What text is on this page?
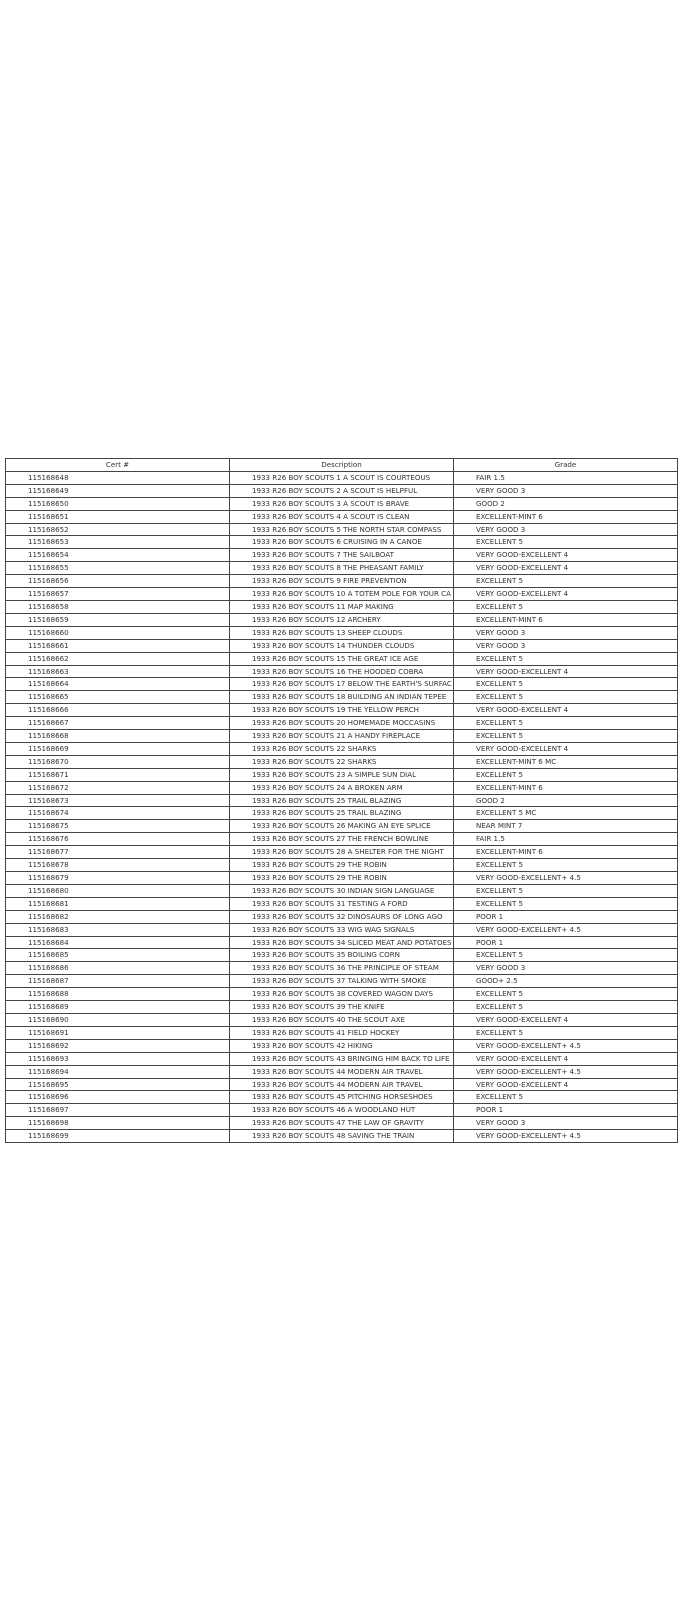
Cert #	Description	Grade
115168648	1933 R26 BOY SCOUTS 1 A SCOUT IS COURTEOUS	FAIR 1.5
115168649	1933 R26 BOY SCOUTS 2 A SCOUT IS HELPFUL	VERY GOOD 3
115168650	1933 R26 BOY SCOUTS 3 A SCOUT IS BRAVE	GOOD 2
115168651	1933 R26 BOY SCOUTS 4 A SCOUT IS CLEAN	EXCELLENT-MINT 6
115168652	1933 R26 BOY SCOUTS 5 THE NORTH STAR COMPASS	VERY GOOD 3
115168653	1933 R26 BOY SCOUTS 6 CRUISING IN A CANOE	EXCELLENT 5
115168654	1933 R26 BOY SCOUTS 7 THE SAILBOAT	VERY GOOD-EXCELLENT 4
115168655	1933 R26 BOY SCOUTS 8 THE PHEASANT FAMILY	VERY GOOD-EXCELLENT 4
115168656	1933 R26 BOY SCOUTS 9 FIRE PREVENTION	EXCELLENT 5
115168657	1933 R26 BOY SCOUTS 10 A TOTEM POLE FOR YOUR CA	VERY GOOD-EXCELLENT 4
115168658	1933 R26 BOY SCOUTS 11 MAP MAKING	EXCELLENT 5
115168659	1933 R26 BOY SCOUTS 12 ARCHERY	EXCELLENT-MINT 6
115168660	1933 R26 BOY SCOUTS 13 SHEEP CLOUDS	VERY GOOD 3
115168661	1933 R26 BOY SCOUTS 14 THUNDER CLOUDS	VERY GOOD 3
115168662	1933 R26 BOY SCOUTS 15 THE GREAT ICE AGE	EXCELLENT 5
115168663	1933 R26 BOY SCOUTS 16 THE HOODED COBRA	VERY GOOD-EXCELLENT 4
115168664	1933 R26 BOY SCOUTS 17 BELOW THE EARTH'S SURFAC	EXCELLENT 5
115168665	1933 R26 BOY SCOUTS 18 BUILDING AN INDIAN TEPEE	EXCELLENT 5
115168666	1933 R26 BOY SCOUTS 19 THE YELLOW PERCH	VERY GOOD-EXCELLENT 4
115168667	1933 R26 BOY SCOUTS 20 HOMEMADE MOCCASINS	EXCELLENT 5
115168668	1933 R26 BOY SCOUTS 21 A HANDY FIREPLACE	EXCELLENT 5
115168669	1933 R26 BOY SCOUTS 22 SHARKS	VERY GOOD-EXCELLENT 4
115168670	1933 R26 BOY SCOUTS 22 SHARKS	EXCELLENT-MINT 6 MC
115168671	1933 R26 BOY SCOUTS 23 A SIMPLE SUN DIAL	EXCELLENT 5
115168672	1933 R26 BOY SCOUTS 24 A BROKEN ARM	EXCELLENT-MINT 6
115168673	1933 R26 BOY SCOUTS 25 TRAIL BLAZING	GOOD 2
115168674	1933 R26 BOY SCOUTS 25 TRAIL BLAZING	EXCELLENT 5 MC
115168675	1933 R26 BOY SCOUTS 26 MAKING AN EYE SPLICE	NEAR MINT 7
115168676	1933 R26 BOY SCOUTS 27 THE FRENCH BOWLINE	FAIR 1.5
115168677	1933 R26 BOY SCOUTS 28 A SHELTER FOR THE NIGHT	EXCELLENT-MINT 6
115168678	1933 R26 BOY SCOUTS 29 THE ROBIN	EXCELLENT 5
115168679	1933 R26 BOY SCOUTS 29 THE ROBIN	VERY GOOD-EXCELLENT+ 4.5
115168680	1933 R26 BOY SCOUTS 30 INDIAN SIGN LANGUAGE	EXCELLENT 5
115168681	1933 R26 BOY SCOUTS 31 TESTING A FORD	EXCELLENT 5
115168682	1933 R26 BOY SCOUTS 32 DINOSAURS OF LONG AGO	POOR 1
115168683	1933 R26 BOY SCOUTS 33 WIG WAG SIGNALS	VERY GOOD-EXCELLENT+ 4.5
115168684	1933 R26 BOY SCOUTS 34 SLICED MEAT AND POTATOES	POOR 1
115168685	1933 R26 BOY SCOUTS 35 BOILING CORN	EXCELLENT 5
115168686	1933 R26 BOY SCOUTS 36 THE PRINCIPLE OF STEAM	VERY GOOD 3
115168687	1933 R26 BOY SCOUTS 37 TALKING WITH SMOKE	GOOD+ 2.5
115168688	1933 R26 BOY SCOUTS 38 COVERED WAGON DAYS	EXCELLENT 5
115168689	1933 R26 BOY SCOUTS 39 THE KNIFE	EXCELLENT 5
115168690	1933 R26 BOY SCOUTS 40 THE SCOUT AXE	VERY GOOD-EXCELLENT 4
115168691	1933 R26 BOY SCOUTS 41 FIELD HOCKEY	EXCELLENT 5
115168692	1933 R26 BOY SCOUTS 42 HIKING	VERY GOOD-EXCELLENT+ 4.5
115168693	1933 R26 BOY SCOUTS 43 BRINGING HIM BACK TO LIFE	VERY GOOD-EXCELLENT 4
115168694	1933 R26 BOY SCOUTS 44 MODERN AIR TRAVEL	VERY GOOD-EXCELLENT+ 4.5
115168695	1933 R26 BOY SCOUTS 44 MODERN AIR TRAVEL	VERY GOOD-EXCELLENT 4
115168696	1933 R26 BOY SCOUTS 45 PITCHING HORSESHOES	EXCELLENT 5
115168697	1933 R26 BOY SCOUTS 46 A WOODLAND HUT	POOR 1
115168698	1933 R26 BOY SCOUTS 47 THE LAW OF GRAVITY	VERY GOOD 3
115168699	1933 R26 BOY SCOUTS 48 SAVING THE TRAIN	VERY GOOD-EXCELLENT+ 4.5
